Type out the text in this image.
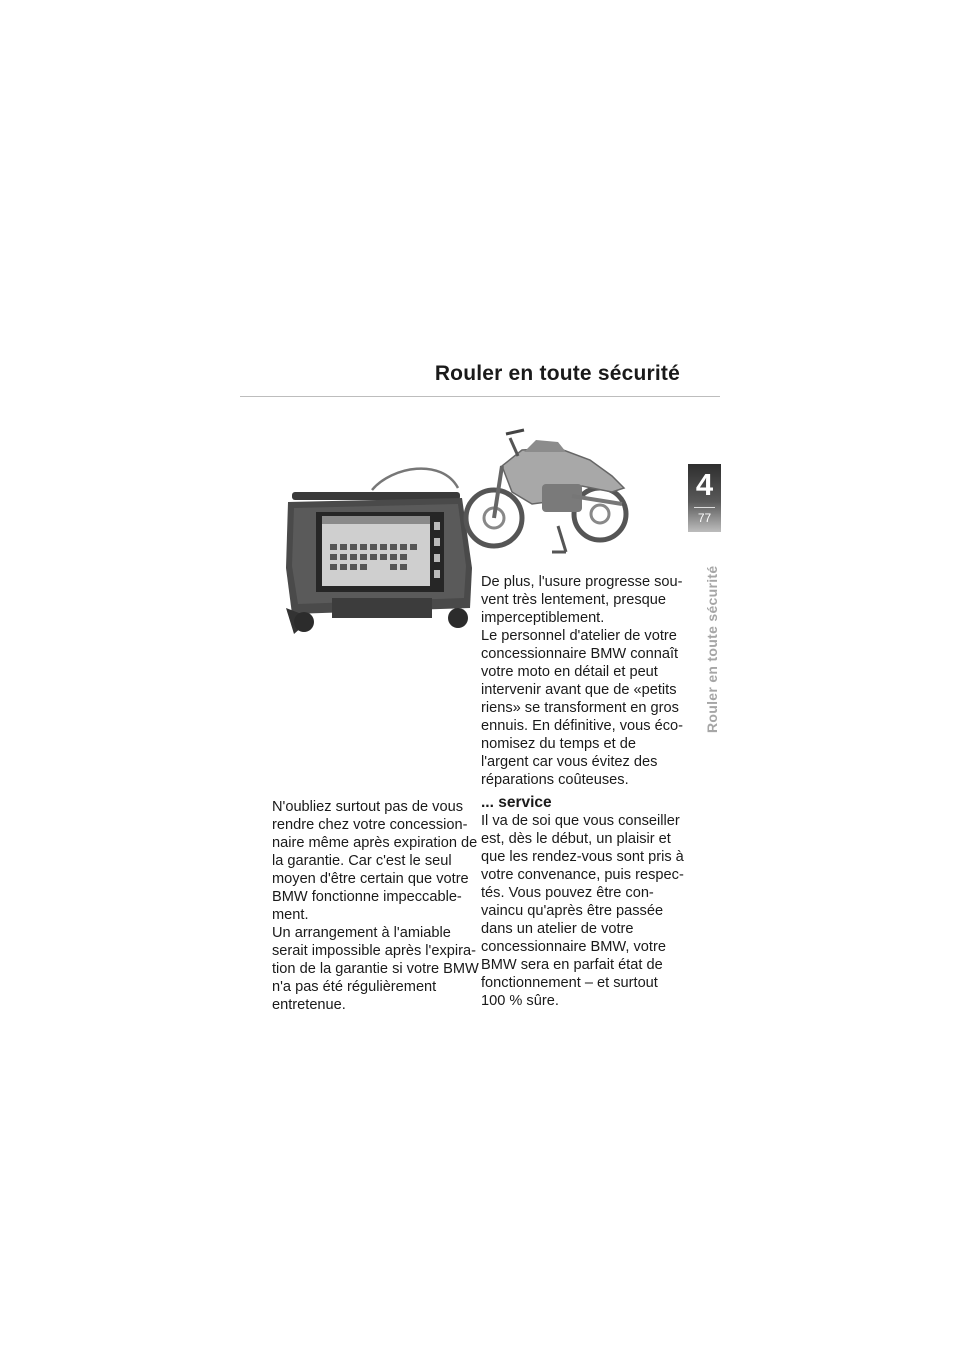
Rouler en toute sécurité
4
77
Rouler en toute sécurité

De plus, l'usure progresse sou-
vent très lentement, presque
imperceptiblement.
Le personnel d'atelier de votre
concessionnaire BMW connaît
votre moto en détail et peut
intervenir avant que de «petits
riens» se transforment en gros
ennuis. En définitive, vous éco-
nomisez du temps et de
l'argent car vous évitez des
réparations coûteuses.

N'oubliez surtout pas de vous
rendre chez votre concession-
naire même après expiration de
la garantie. Car c'est le seul
moyen d'être certain que votre
BMW fonctionne impeccable-
ment.
Un arrangement à l'amiable
serait impossible après l'expira-
tion de la garantie si votre BMW
n'a pas été régulièrement
entretenue.

... service

Il va de soi que vous conseiller
est, dès le début, un plaisir et
que les rendez-vous sont pris à
votre convenance, puis respec-
tés. Vous pouvez être con-
vaincu qu'après être passée
dans un atelier de votre
concessionnaire BMW, votre
BMW sera en parfait état de
fonctionnement – et surtout
100 % sûre.
